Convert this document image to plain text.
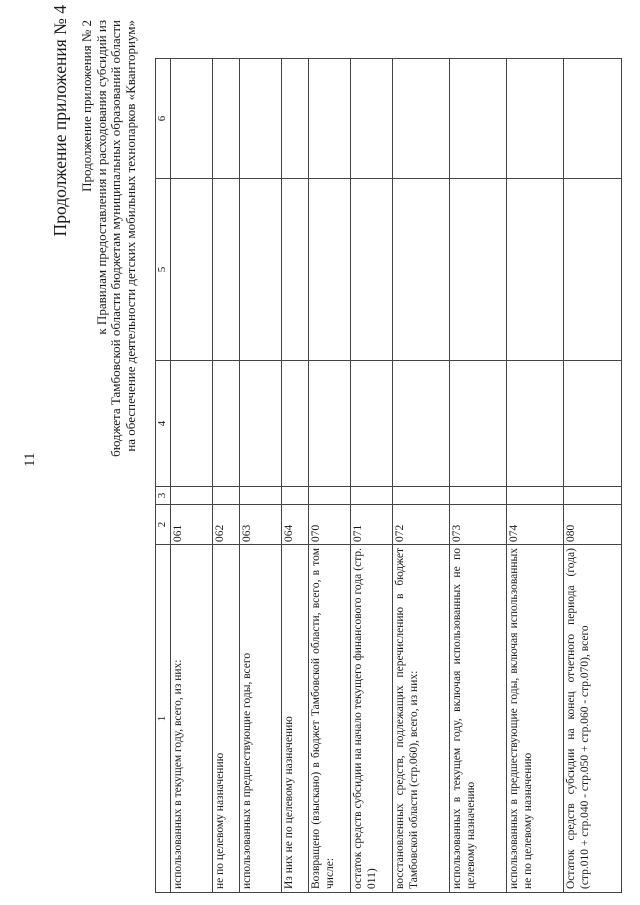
11
Продолжение приложения № 4 Продолжение приложения № 2 к Правилам предоставления и расходования субсидий из бюджета Тамбовской области бюджетам муниципальных образований области на обеспечение деятельности детских мобильных технопарков «Кванториум»
1	2	3	4	5	6
использованных в текущем году, всего, из них:	061				
не по целевому назначению	062				
использованных в предшествующие годы, всего	063				
Из них не по целевому назначению	064				
Возвращено (взыскано) в бюджет Тамбовской области, всего, в том числе:	070				
остаток средств субсидии на начало текущего финансового года (стр. 011)	071				
восстановленных средств, подлежащих перечислению в бюджет Тамбовской области (стр.060), всего, из них:	072				
использованных в текущем году, включая использованных не по целевому назначению	073				
использованных в предшествующие годы, включая использованных не по целевому назначению	074				
Остаток средств субсидии на конец отчетного периода (года) (стр.010 + стр.040 - стр.050 + стр.060 - стр.070), всего	080				
